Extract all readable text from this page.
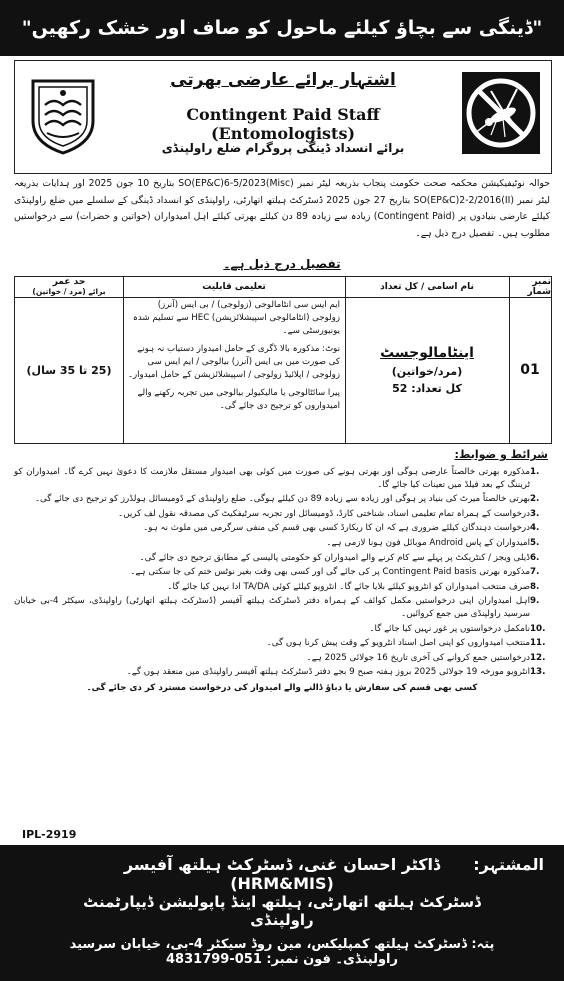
"ڈینگی سے بچاؤ کیلئے ماحول کو صاف اور خشک رکھیں"
اشتہار برائے عارضی بھرتی
Contingent Paid Staff (Entomologists)
برائے انسداد ڈینگی پروگرام ضلع راولپنڈی
حوالہ نوٹیفیکیشن محکمہ صحت حکومت پنجاب بذریعہ لیٹر نمبر SO(EP&C)6-5/2023(Misc) بتاریخ 10 جون 2025 اور ہدایات بذریعہ لیٹر نمبر SO(EP&C)2-2/2016(II) بتاریخ 27 جون 2025 ڈسٹرکٹ ہیلتھ اتھارٹی، راولپنڈی کو انسداد ڈینگی کے سلسلے میں ضلع راولپنڈی کیلئے عارضی بنیادوں پر (Contingent Paid) زیادہ سے زیادہ 89 دن کیلئے بھرتی کیلئے اہل امیدواران (خواتین و حضرات) سے درخواستیں مطلوب ہیں۔ تفصیل درج ذیل ہے۔
تفصیل درج ذیل ہے۔
نمبر شمار
نام اسامی / کل تعداد
تعلیمی قابلیت
حد عمر
برائے (مرد / خواتین)
01
اینٹامالوجسٹ
(مرد/خواتین)
کل تعداد: 52

ایم ایس سی انٹامالوجی (زولوجی) / بی ایس (آنرز) زولوجی (انٹامالوجی اسپیشلائزیشن) HEC سے تسلیم شدہ یونیورسٹی سے۔

نوٹ: مذکورہ بالا ڈگری کے حامل امیدوار دستیاب نہ ہونے کی صورت میں بی ایس (آنرز) بیالوجی / ایم ایس سی زولوجی / اپلائیڈ زولوجی / اسپیشلائزیشن کے حامل امیدوار۔

پیرا سائٹالوجی یا مالیکیولر بیالوجی میں تجربہ رکھنے والے امیدواروں کو ترجیح دی جائے گی۔

(25 تا 35 سال)
شرائط و ضوابط:
1.
مذکورہ بھرتی خالصتاً عارضی ہوگی اور بھرتی ہونے کی صورت میں کوئی بھی امیدوار مستقل ملازمت کا دعویٰ نہیں کرے گا۔ امیدواران کو ٹریننگ کے بعد فیلڈ میں تعینات کیا جائے گا۔
2.
بھرتی خالصتاً میرٹ کی بنیاد پر ہوگی اور زیادہ سے زیادہ 89 دن کیلئے ہوگی۔ ضلع راولپنڈی کے ڈومیسائل ہولڈرز کو ترجیح دی جائے گی۔
3.
درخواست کے ہمراہ تمام تعلیمی اسناد، شناختی کارڈ، ڈومیسائل اور تجربہ سرٹیفکیٹ کی مصدقہ نقول لف کریں۔
4.
درخواست دہندگان کیلئے ضروری ہے کہ ان کا ریکارڈ کسی بھی قسم کی منفی سرگرمی میں ملوث نہ ہو۔
5.
امیدواران کے پاس Android موبائل فون ہونا لازمی ہے۔
6.
ڈیلی ویجز / کنٹریکٹ پر پہلے سے کام کرنے والے امیدواران کو حکومتی پالیسی کے مطابق ترجیح دی جائے گی۔
7.
مذکورہ بھرتی Contingent Paid basis پر کی جائے گی اور کسی بھی وقت بغیر نوٹس ختم کی جا سکتی ہے۔
8.
صرف منتخب امیدواران کو انٹرویو کیلئے بلایا جائے گا۔ انٹرویو کیلئے کوئی TA/DA ادا نہیں کیا جائے گا۔
9.
اہل امیدواران اپنی درخواستیں مکمل کوائف کے ہمراہ دفتر ڈسٹرکٹ ہیلتھ آفیسر (ڈسٹرکٹ ہیلتھ اتھارٹی) راولپنڈی، سیکٹر 4-بی خیابان سرسید راولپنڈی میں جمع کروائیں۔
10.
نامکمل درخواستوں پر غور نہیں کیا جائے گا۔
11.
منتخب امیدواروں کو اپنی اصل اسناد انٹرویو کے وقت پیش کرنا ہوں گی۔
12.
درخواستیں جمع کروانے کی آخری تاریخ 16 جولائی 2025 ہے۔
13.
انٹرویو مورخہ 19 جولائی 2025 بروز ہفتہ صبح 9 بجے دفتر ڈسٹرکٹ ہیلتھ آفیسر راولپنڈی میں منعقد ہوں گے۔
کسی بھی قسم کی سفارش یا دباؤ ڈالنے والے امیدوار کی درخواست مسترد کر دی جائے گی۔
IPL-2919
المشتہر:
ڈاکٹر احسان غنی، ڈسٹرکٹ ہیلتھ آفیسر (HRM&MIS)
ڈسٹرکٹ ہیلتھ اتھارٹی، ہیلتھ اینڈ پاپولیشن ڈیپارٹمنٹ راولپنڈی
پتہ: ڈسٹرکٹ ہیلتھ کمپلیکس، مین روڈ سیکٹر 4-بی، خیابان سرسید راولپنڈی۔ فون نمبر: 051-4831799
